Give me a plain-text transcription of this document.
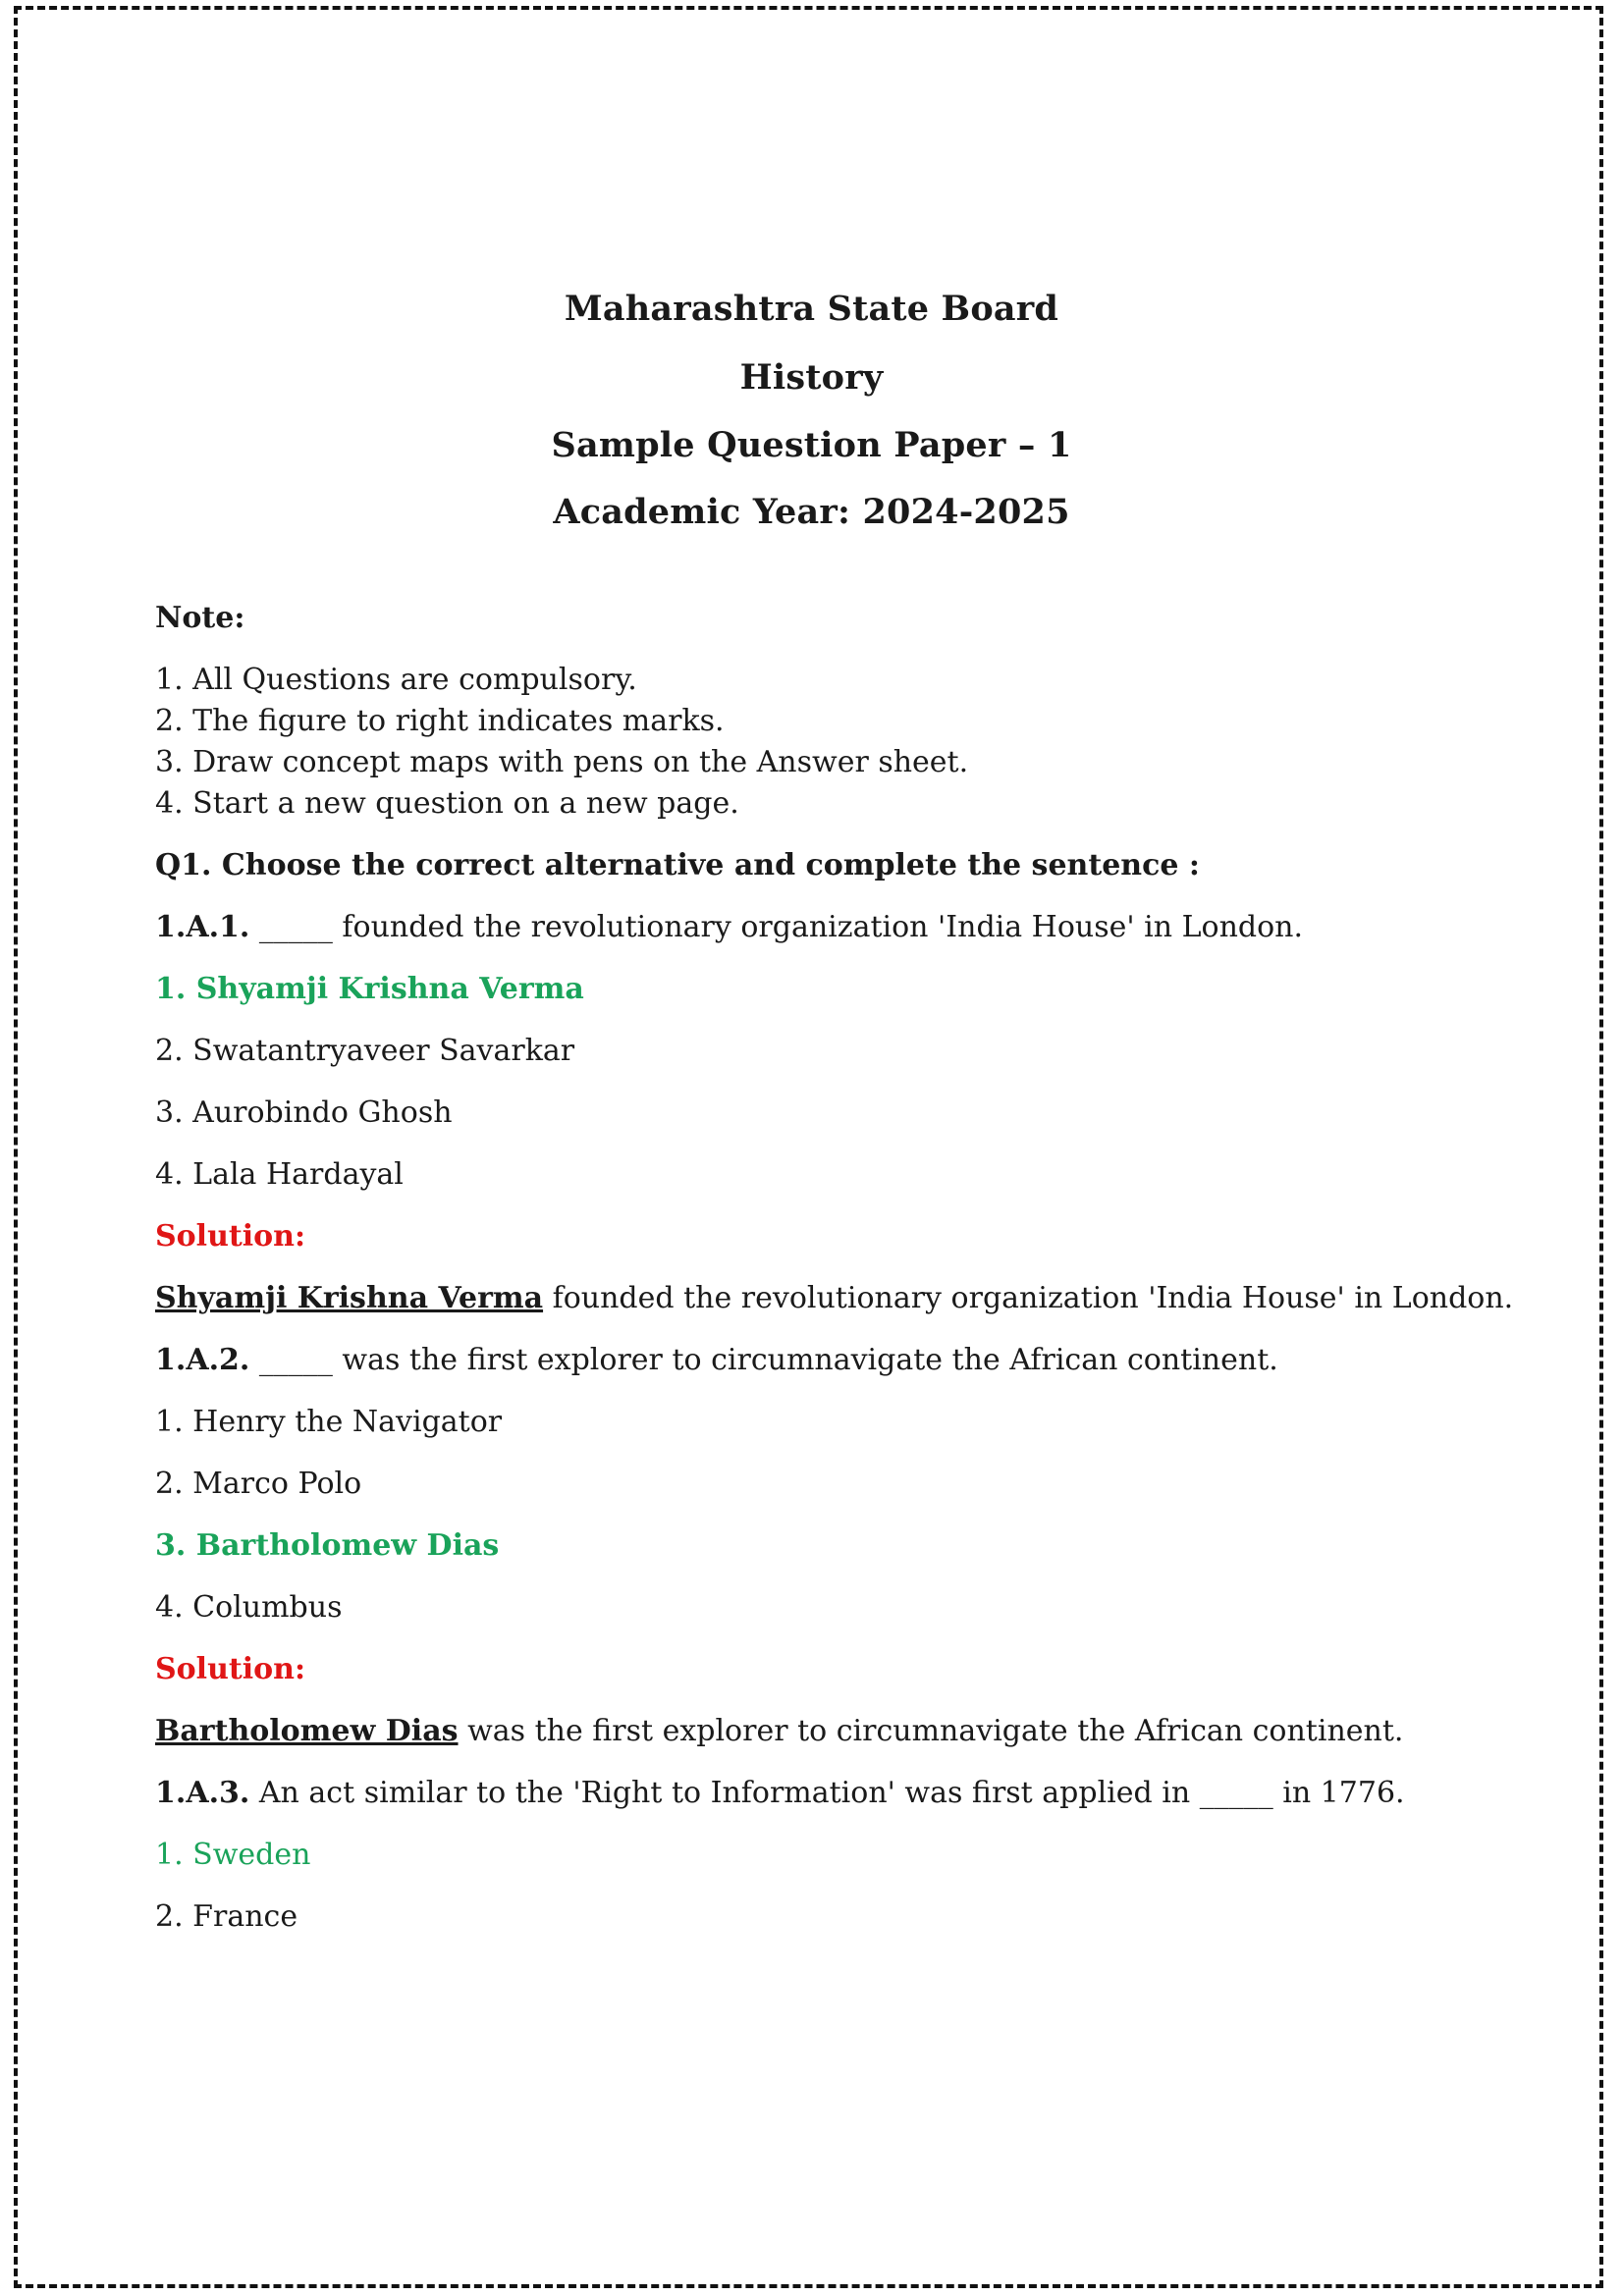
Maharashtra State Board
History
Sample Question Paper – 1
Academic Year: 2024-2025
Note:
1. All Questions are compulsory.
2. The figure to right indicates marks.
3. Draw concept maps with pens on the Answer sheet.
4. Start a new question on a new page.
Q1. Choose the correct alternative and complete the sentence :
1.A.1. _____ founded the revolutionary organization 'India House' in London.
1. Shyamji Krishna Verma
2. Swatantryaveer Savarkar
3. Aurobindo Ghosh
4. Lala Hardayal
Solution:
Shyamji Krishna Verma founded the revolutionary organization 'India House' in London.
1.A.2. _____ was the first explorer to circumnavigate the African continent.
1. Henry the Navigator
2. Marco Polo
3. Bartholomew Dias
4. Columbus
Solution:
Bartholomew Dias was the first explorer to circumnavigate the African continent.
1.A.3. An act similar to the 'Right to Information' was first applied in _____ in 1776.
1. Sweden
2. France
